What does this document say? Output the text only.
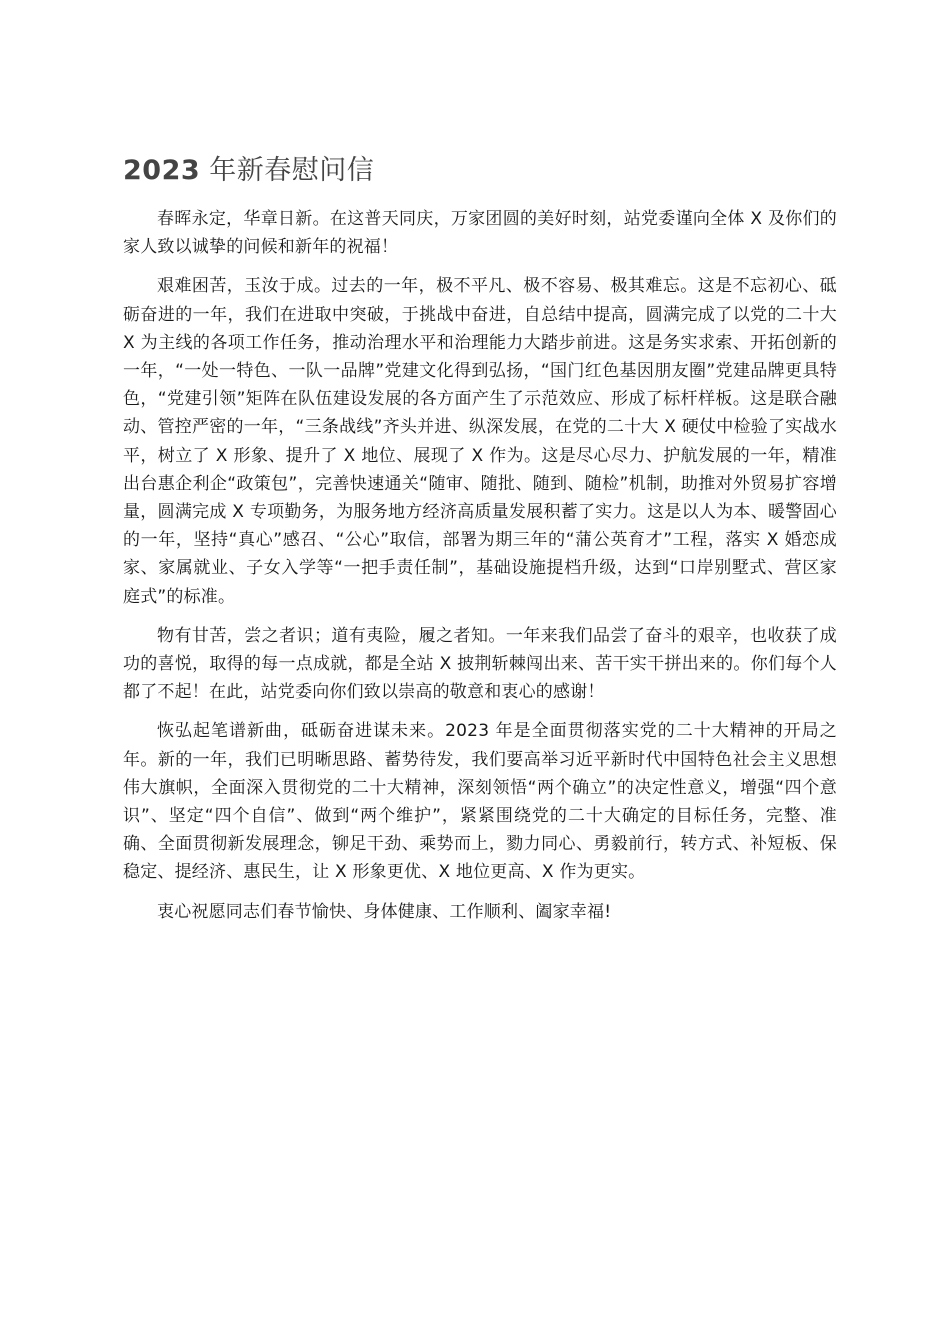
2023 年新春慰问信

春晖永定，华章日新。在这普天同庆，万家团圆的美好时刻，站党委谨向全体 X 及你们的家人致以诚挚的问候和新年的祝福！

艰难困苦，玉汝于成。过去的一年，极不平凡、极不容易、极其难忘。这是不忘初心、砥砺奋进的一年，我们在进取中突破，于挑战中奋进，自总结中提高，圆满完成了以党的二十大 X 为主线的各项工作任务，推动治理水平和治理能力大踏步前进。这是务实求索、开拓创新的一年，“一处一特色、一队一品牌”党建文化得到弘扬，“国门红色基因朋友圈”党建品牌更具特色，“党建引领”矩阵在队伍建设发展的各方面产生了示范效应、形成了标杆样板。这是联合融动、管控严密的一年，“三条战线”齐头并进、纵深发展，在党的二十大 X 硬仗中检验了实战水平，树立了 X 形象、提升了 X 地位、展现了 X 作为。这是尽心尽力、护航发展的一年，精准出台惠企利企“政策包”，完善快速通关“随审、随批、随到、随检”机制，助推对外贸易扩容增量，圆满完成 X 专项勤务，为服务地方经济高质量发展积蓄了实力。这是以人为本、暖警固心的一年，坚持“真心”感召、“公心”取信，部署为期三年的“蒲公英育才”工程，落实 X 婚恋成家、家属就业、子女入学等“一把手责任制”，基础设施提档升级，达到“口岸别墅式、营区家庭式”的标准。

物有甘苦，尝之者识；道有夷险，履之者知。一年来我们品尝了奋斗的艰辛，也收获了成功的喜悦，取得的每一点成就，都是全站 X 披荆斩棘闯出来、苦干实干拼出来的。你们每个人都了不起！在此，站党委向你们致以崇高的敬意和衷心的感谢！

恢弘起笔谱新曲，砥砺奋进谋未来。2023 年是全面贯彻落实党的二十大精神的开局之年。新的一年，我们已明晰思路、蓄势待发，我们要高举习近平新时代中国特色社会主义思想伟大旗帜，全面深入贯彻党的二十大精神，深刻领悟“两个确立”的决定性意义，增强“四个意识”、坚定“四个自信”、做到“两个维护”，紧紧围绕党的二十大确定的目标任务，完整、准确、全面贯彻新发展理念，铆足干劲、乘势而上，勠力同心、勇毅前行，转方式、补短板、保稳定、提经济、惠民生，让 X 形象更优、X 地位更高、X 作为更实。

衷心祝愿同志们春节愉快、身体健康、工作顺利、阖家幸福!
